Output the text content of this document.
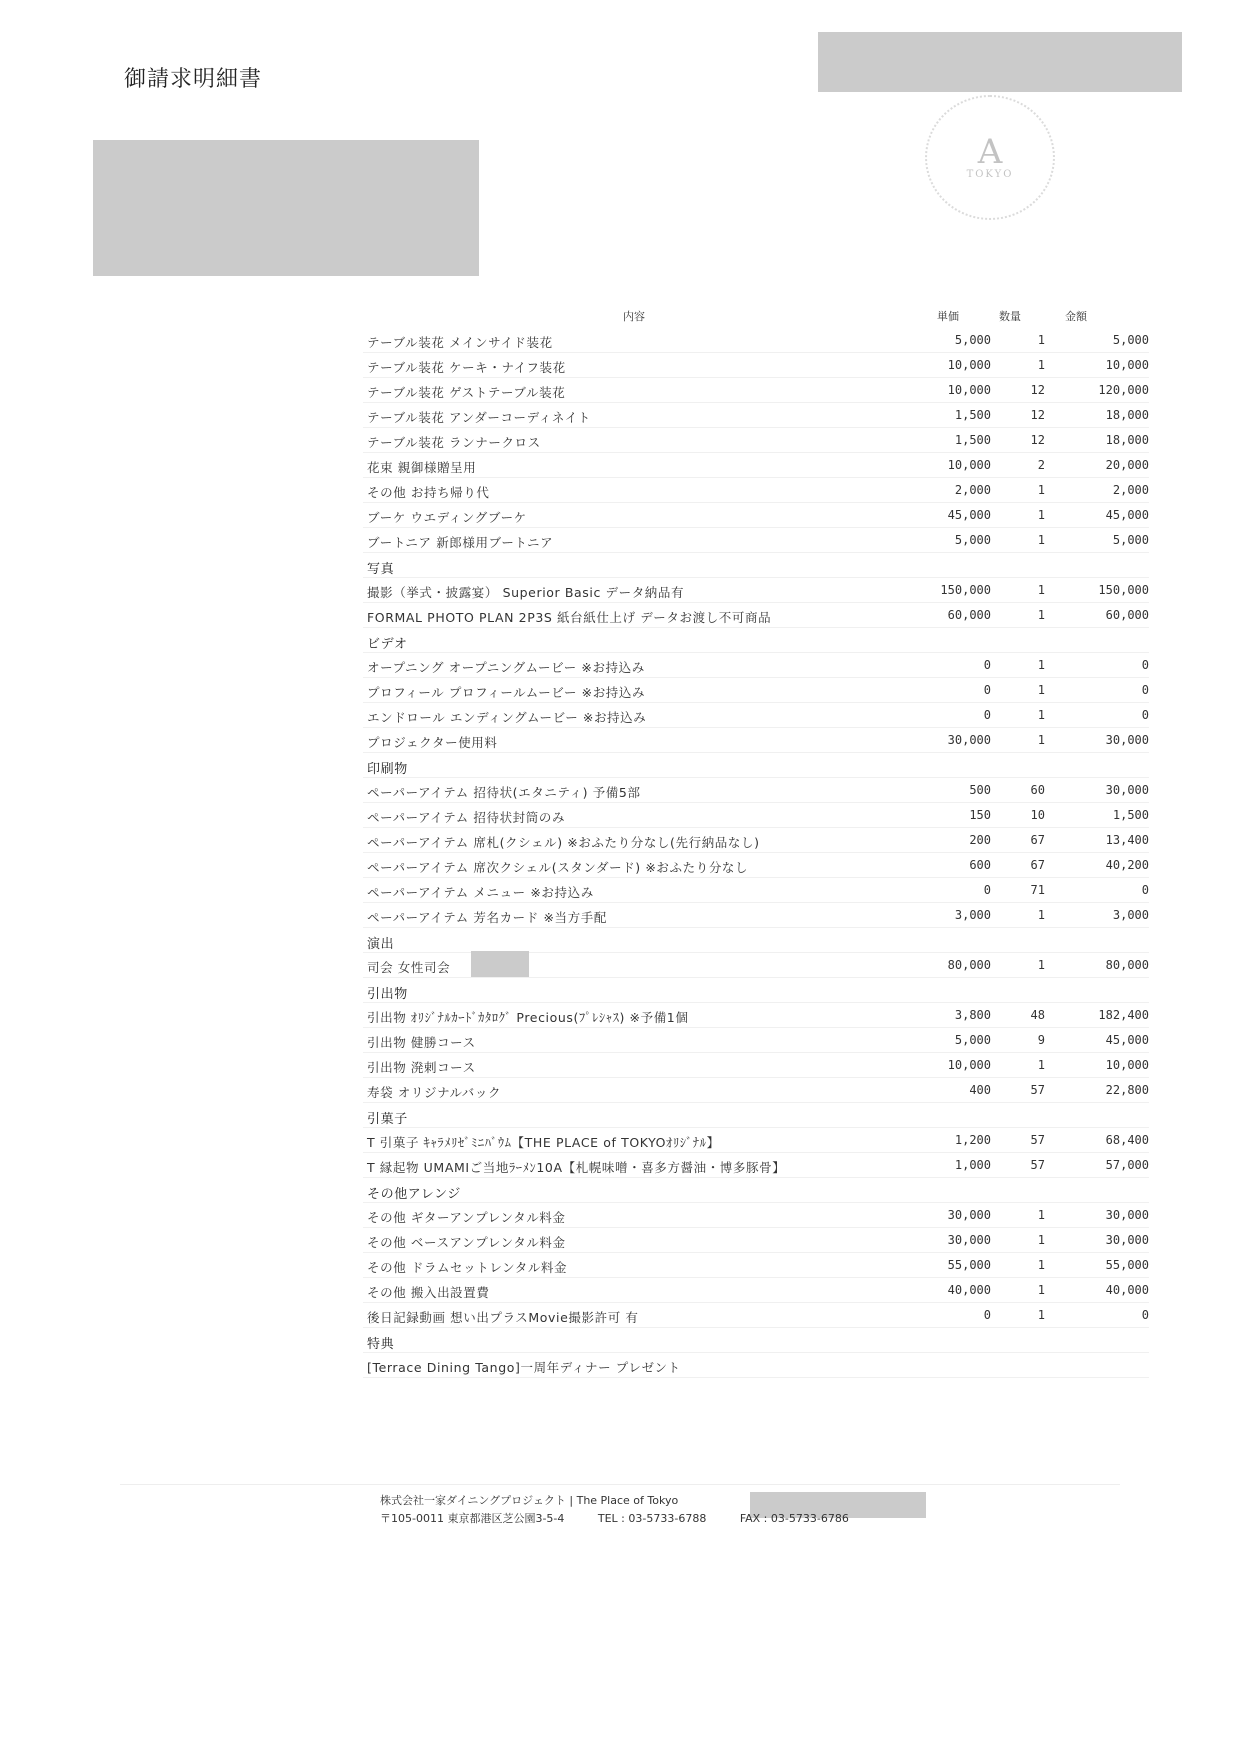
御請求明細書
A
TOKYO
内容	単価	数量	金額
テーブル装花 メインサイド装花	5,000	1	5,000
テーブル装花 ケーキ・ナイフ装花	10,000	1	10,000
テーブル装花 ゲストテーブル装花	10,000	12	120,000
テーブル装花 アンダーコーディネイト	1,500	12	18,000
テーブル装花 ランナークロス	1,500	12	18,000
花束 親御様贈呈用	10,000	2	20,000
その他 お持ち帰り代	2,000	1	2,000
ブーケ ウエディングブーケ	45,000	1	45,000
ブートニア 新郎様用ブートニア	5,000	1	5,000
写真
撮影（挙式・披露宴） Superior Basic データ納品有	150,000	1	150,000
FORMAL PHOTO PLAN 2P3S 紙台紙仕上げ データお渡し不可商品	60,000	1	60,000
ビデオ
オープニング オープニングムービー ※お持込み	0	1	0
プロフィール プロフィールムービー ※お持込み	0	1	0
エンドロール エンディングムービー ※お持込み	0	1	0
プロジェクター使用料	30,000	1	30,000
印刷物
ペーパーアイテム 招待状(エタニティ) 予備5部	500	60	30,000
ペーパーアイテム 招待状封筒のみ	150	10	1,500
ペーパーアイテム 席札(クシェル) ※おふたり分なし(先行納品なし)	200	67	13,400
ペーパーアイテム 席次クシェル(スタンダード) ※おふたり分なし	600	67	40,200
ペーパーアイテム メニュー ※お持込み	0	71	0
ペーパーアイテム 芳名カード ※当方手配	3,000	1	3,000
演出
司会 女性司会	80,000	1	80,000
引出物
引出物 ｵﾘｼﾞﾅﾙｶｰﾄﾞｶﾀﾛｸﾞ Precious(ﾌﾟﾚｼｬｽ) ※予備1個	3,800	48	182,400
引出物 健勝コース	5,000	9	45,000
引出物 溌剌コース	10,000	1	10,000
寿袋 オリジナルバック	400	57	22,800
引菓子
T 引菓子 ｷｬﾗﾒﾘｾﾞﾐﾆﾊﾞｳﾑ【THE PLACE of TOKYOｵﾘｼﾞﾅﾙ】	1,200	57	68,400
T 縁起物 UMAMIご当地ﾗｰﾒﾝ10A【札幌味噌・喜多方醤油・博多豚骨】	1,000	57	57,000
その他アレンジ
その他 ギターアンプレンタル料金	30,000	1	30,000
その他 ベースアンプレンタル料金	30,000	1	30,000
その他 ドラムセットレンタル料金	55,000	1	55,000
その他 搬入出設置費	40,000	1	40,000
後日記録動画 想い出プラスMovie撮影許可 有	0	1	0
特典
[Terrace Dining Tango]一周年ディナー プレゼント
株式会社一家ダイニングプロジェクト | The Place of Tokyo
〒105-0011 東京都港区芝公園3-5-4	TEL : 03-5733-6788	FAX : 03-5733-6786
